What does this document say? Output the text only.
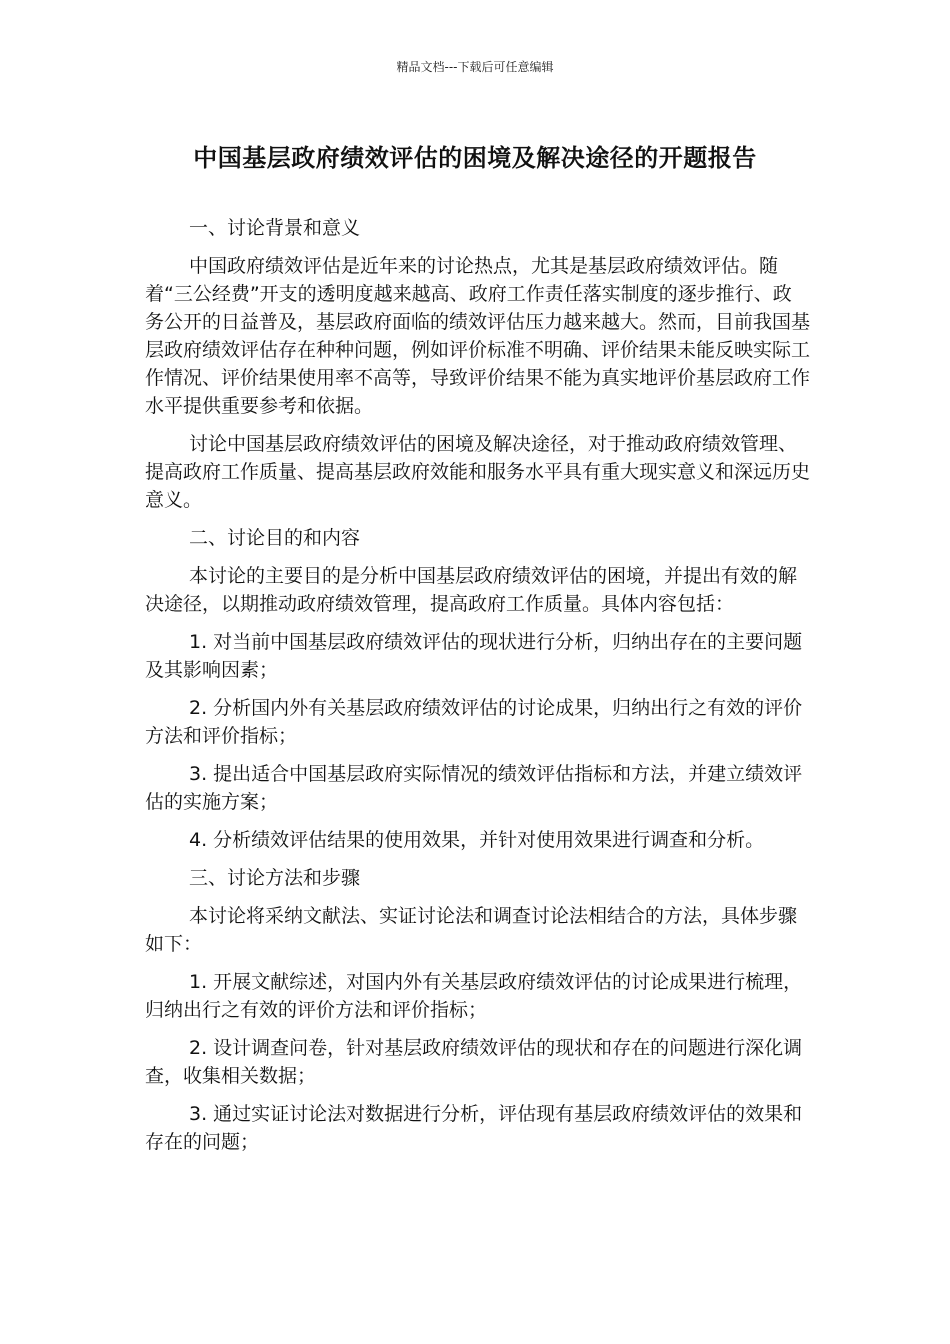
精品文档---下载后可任意编辑
中国基层政府绩效评估的困境及解决途径的开题报告

一、讨论背景和意义

中国政府绩效评估是近年来的讨论热点，尤其是基层政府绩效评估。随着“三公经费”开支的透明度越来越高、政府工作责任落实制度的逐步推行、政务公开的日益普及，基层政府面临的绩效评估压力越来越大。然而，目前我国基层政府绩效评估存在种种问题，例如评价标准不明确、评价结果未能反映实际工作情况、评价结果使用率不高等，导致评价结果不能为真实地评价基层政府工作水平提供重要参考和依据。

讨论中国基层政府绩效评估的困境及解决途径，对于推动政府绩效管理、提高政府工作质量、提高基层政府效能和服务水平具有重大现实意义和深远历史意义。

二、讨论目的和内容

本讨论的主要目的是分析中国基层政府绩效评估的困境，并提出有效的解决途径，以期推动政府绩效管理，提高政府工作质量。具体内容包括：

1. 对当前中国基层政府绩效评估的现状进行分析，归纳出存在的主要问题及其影响因素；

2. 分析国内外有关基层政府绩效评估的讨论成果，归纳出行之有效的评价方法和评价指标；

3. 提出适合中国基层政府实际情况的绩效评估指标和方法，并建立绩效评估的实施方案；

4. 分析绩效评估结果的使用效果，并针对使用效果进行调查和分析。

三、讨论方法和步骤

本讨论将采纳文献法、实证讨论法和调查讨论法相结合的方法，具体步骤如下：

1. 开展文献综述，对国内外有关基层政府绩效评估的讨论成果进行梳理，归纳出行之有效的评价方法和评价指标；

2. 设计调查问卷，针对基层政府绩效评估的现状和存在的问题进行深化调查，收集相关数据；

3. 通过实证讨论法对数据进行分析，评估现有基层政府绩效评估的效果和存在的问题；
